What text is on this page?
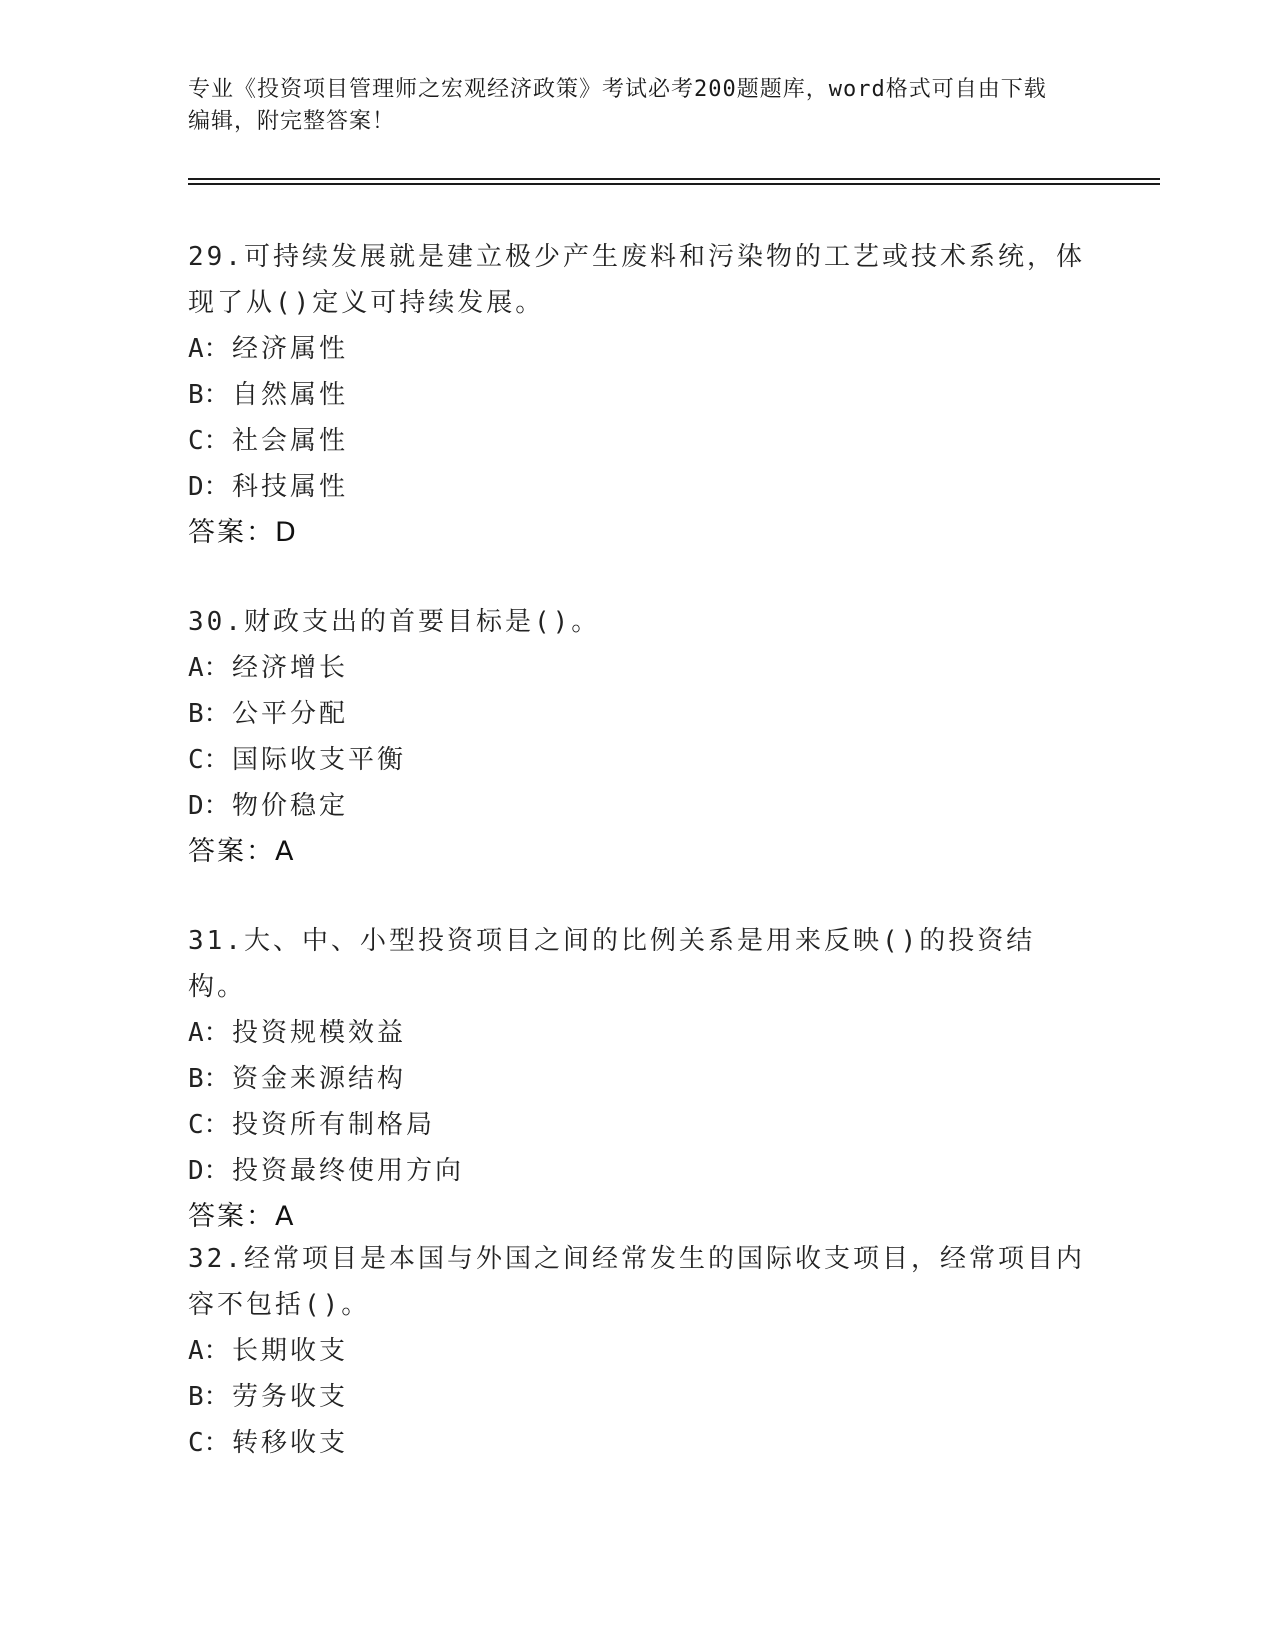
专业《投资项目管理师之宏观经济政策》考试必考200题题库，word格式可自由下载编辑，附完整答案！

29.可持续发展就是建立极少产生废料和污染物的工艺或技术系统，体现了从()定义可持续发展。

A：经济属性

B：自然属性

C：社会属性

D：科技属性

答案：D

30.财政支出的首要目标是()。

A：经济增长

B：公平分配

C：国际收支平衡

D：物价稳定

答案：A

31.大、中、小型投资项目之间的比例关系是用来反映()的投资结构。

A：投资规模效益

B：资金来源结构

C：投资所有制格局

D：投资最终使用方向

答案：A

32.经常项目是本国与外国之间经常发生的国际收支项目，经常项目内容不包括()。

A：长期收支

B：劳务收支

C：转移收支
